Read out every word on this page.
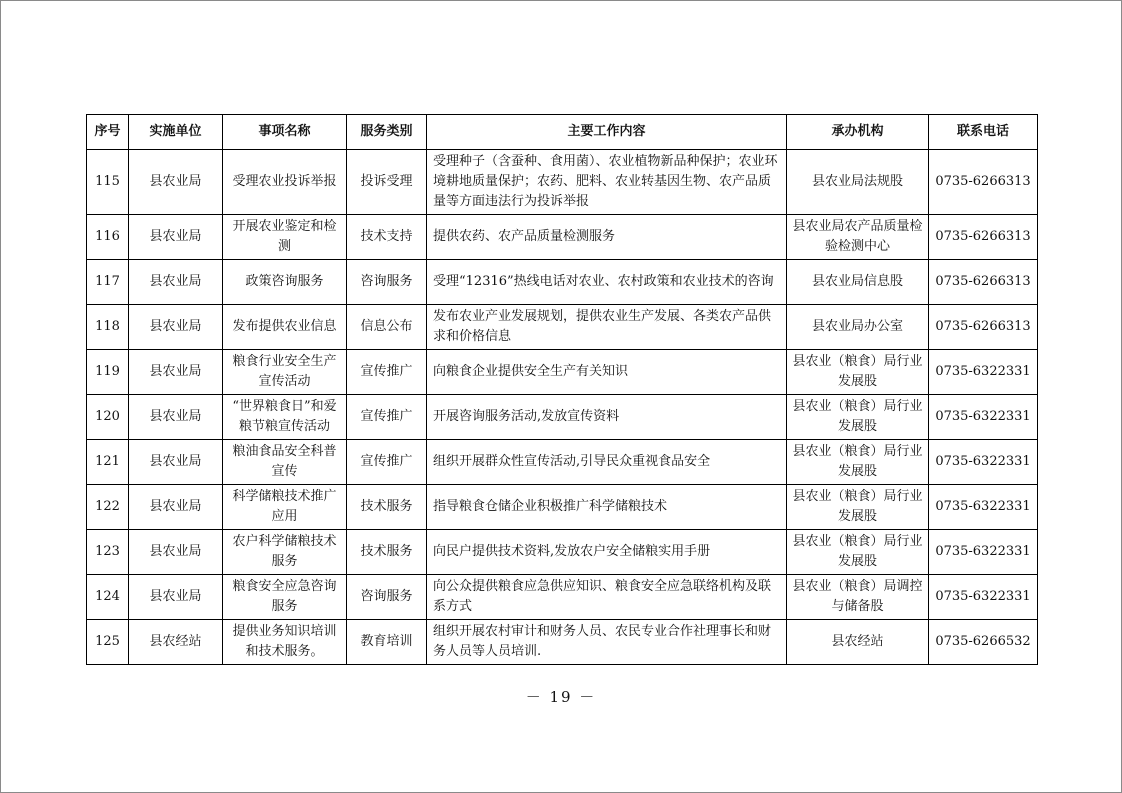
序号	实施单位	事项名称	服务类别	主要工作内容	承办机构	联系电话
115	县农业局	受理农业投诉举报	投诉受理	受理种子（含蚕种、食用菌）、农业植物新品种保护；农业环境耕地质量保护；农药、肥料、农业转基因生物、农产品质量等方面违法行为投诉举报	县农业局法规股	0735-6266313
116	县农业局	开展农业鉴定和检测	技术支持	提供农药、农产品质量检测服务	县农业局农产品质量检验检测中心	0735-6266313
117	县农业局	政策咨询服务	咨询服务	受理“12316”热线电话对农业、农村政策和农业技术的咨询	县农业局信息股	0735-6266313
118	县农业局	发布提供农业信息	信息公布	发布农业产业发展规划，提供农业生产发展、各类农产品供求和价格信息	县农业局办公室	0735-6266313
119	县农业局	粮食行业安全生产宣传活动	宣传推广	向粮食企业提供安全生产有关知识	县农业（粮食）局行业发展股	0735-6322331
120	县农业局	“世界粮食日”和爱粮节粮宣传活动	宣传推广	开展咨询服务活动,发放宣传资料	县农业（粮食）局行业发展股	0735-6322331
121	县农业局	粮油食品安全科普宣传	宣传推广	组织开展群众性宣传活动,引导民众重视食品安全	县农业（粮食）局行业发展股	0735-6322331
122	县农业局	科学储粮技术推广应用	技术服务	指导粮食仓储企业积极推广科学储粮技术	县农业（粮食）局行业发展股	0735-6322331
123	县农业局	农户科学储粮技术服务	技术服务	向民户提供技术资料,发放农户安全储粮实用手册	县农业（粮食）局行业发展股	0735-6322331
124	县农业局	粮食安全应急咨询服务	咨询服务	向公众提供粮食应急供应知识、粮食安全应急联络机构及联系方式	县农业（粮食）局调控与储备股	0735-6322331
125	县农经站	提供业务知识培训和技术服务。	教育培训	组织开展农村审计和财务人员、农民专业合作社理事长和财务人员等人员培训.	县农经站	0735-6266532
－ 19 －
